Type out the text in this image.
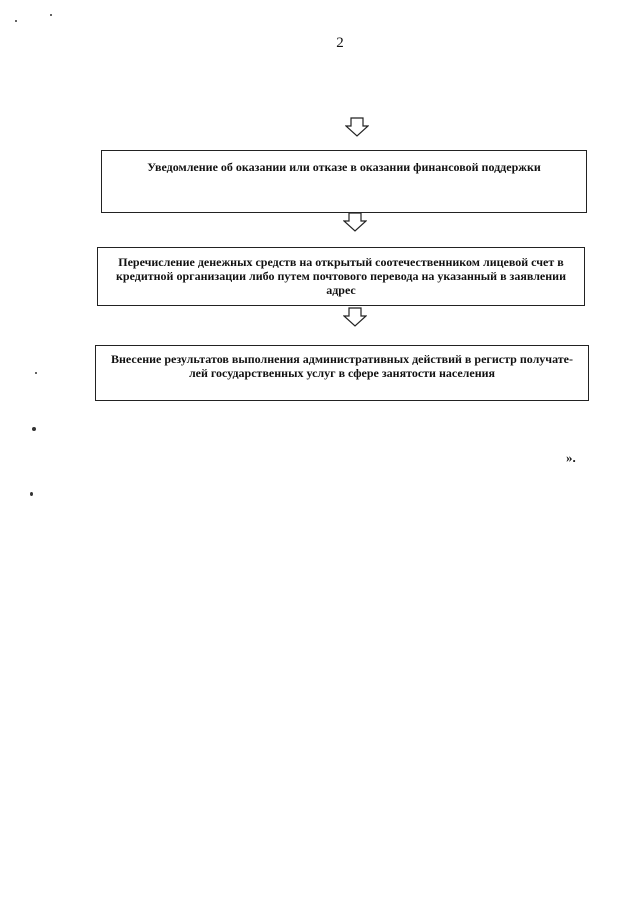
2
Уведомление об оказании или отказе в оказании финансовой поддержки
Перечисление денежных средств на открытый соотечественником лицевой счет в кредитной организации либо путем почтового перевода на указанный в заявлении адрес
Внесение результатов выполнения административных действий в регистр получате-лей государственных услуг в сфере занятости населения
».
